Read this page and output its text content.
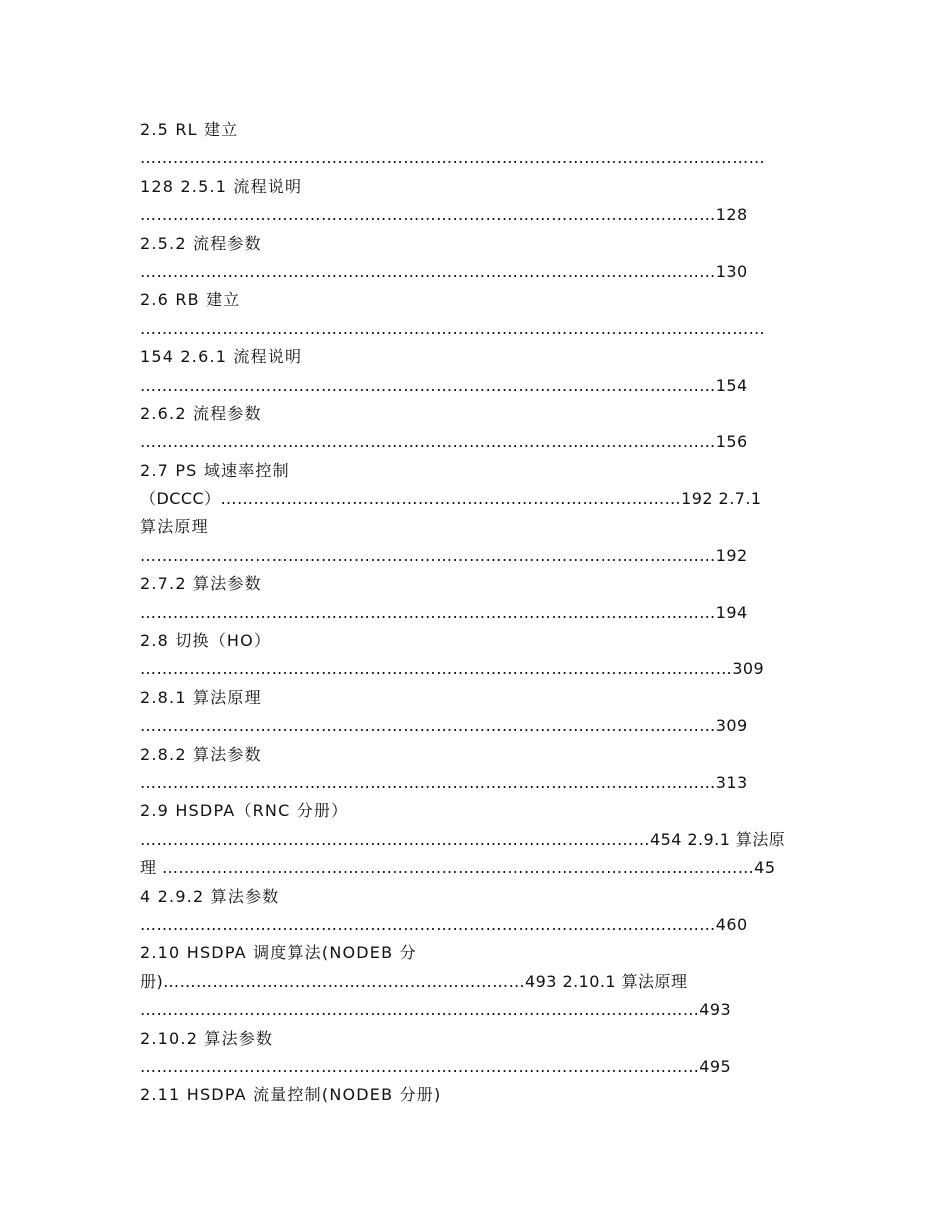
2.5 RL 建立
……………………………………………………………………………………………………
128 2.5.1 流程说明
……………………………………………………………………………………………128
2.5.2 流程参数
……………………………………………………………………………………………130
2.6 RB 建立
……………………………………………………………………………………………………
154 2.6.1 流程说明
……………………………………………………………………………………………154
2.6.2 流程参数
……………………………………………………………………………………………156
2.7 PS 域速率控制
（DCCC）…………………………………………………………………………192 2.7.1
算法原理
……………………………………………………………………………………………192
2.7.2 算法参数
……………………………………………………………………………………………194
2.8 切换（HO）
………………………………………………………………………………………………309
2.8.1 算法原理
……………………………………………………………………………………………309
2.8.2 算法参数
……………………………………………………………………………………………313
2.9 HSDPA（RNC 分册）
…………………………………………………………………………………454 2.9.1 算法原
理 ………………………………………………………………………………………………45
4 2.9.2 算法参数
……………………………………………………………………………………………460
2.10 HSDPA 调度算法(NODEB 分
册)…………………………………………………………493 2.10.1 算法原理
…………………………………………………………………………………………493
2.10.2 算法参数
…………………………………………………………………………………………495
2.11 HSDPA 流量控制(NODEB 分册)
